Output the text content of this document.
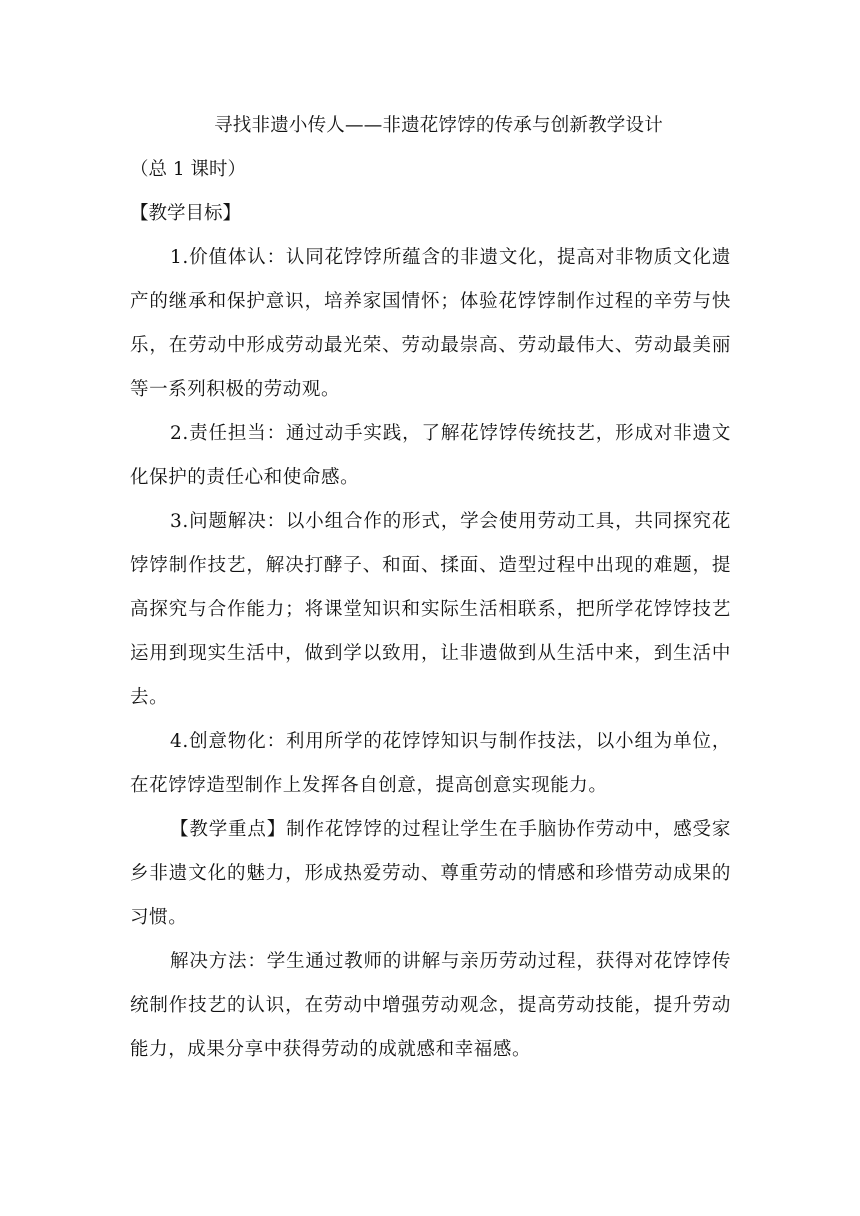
寻找非遗小传人——非遗花饽饽的传承与创新教学设计
（总 1 课时）
【教学目标】

1.价值体认：认同花饽饽所蕴含的非遗文化，提高对非物质文化遗产的继承和保护意识，培养家国情怀；体验花饽饽制作过程的辛劳与快乐，在劳动中形成劳动最光荣、劳动最崇高、劳动最伟大、劳动最美丽等一系列积极的劳动观。

2.责任担当：通过动手实践，了解花饽饽传统技艺，形成对非遗文化保护的责任心和使命感。

3.问题解决：以小组合作的形式，学会使用劳动工具，共同探究花饽饽制作技艺，解决打酵子、和面、揉面、造型过程中出现的难题，提高探究与合作能力；将课堂知识和实际生活相联系，把所学花饽饽技艺运用到现实生活中，做到学以致用，让非遗做到从生活中来，到生活中去。

4.创意物化：利用所学的花饽饽知识与制作技法，以小组为单位，在花饽饽造型制作上发挥各自创意，提高创意实现能力。

【教学重点】制作花饽饽的过程让学生在手脑协作劳动中，感受家乡非遗文化的魅力，形成热爱劳动、尊重劳动的情感和珍惜劳动成果的习惯。

解决方法：学生通过教师的讲解与亲历劳动过程，获得对花饽饽传统制作技艺的认识，在劳动中增强劳动观念，提高劳动技能，提升劳动能力，成果分享中获得劳动的成就感和幸福感。
